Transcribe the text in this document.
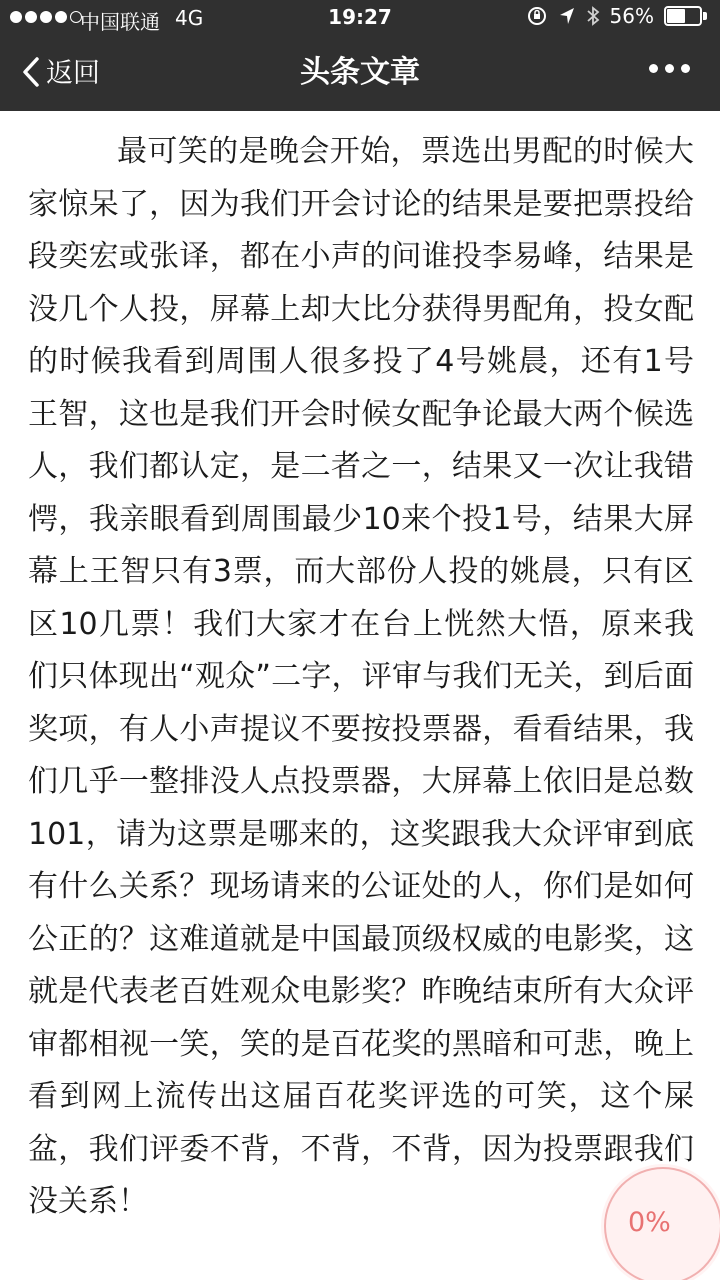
中国联通 4G	19:27	56%
返回	头条文章

最可笑的是晚会开始，票选出男配的时候大家惊呆了，因为我们开会讨论的结果是要把票投给段奕宏或张译，都在小声的问谁投李易峰，结果是没几个人投，屏幕上却大比分获得男配角，投女配的时候我看到周围人很多投了4号姚晨，还有1号王智，这也是我们开会时候女配争论最大两个候选人，我们都认定，是二者之一，结果又一次让我错愕，我亲眼看到周围最少10来个投1号，结果大屏幕上王智只有3票，而大部份人投的姚晨，只有区区10几票！我们大家才在台上恍然大悟，原来我们只体现出“观众”二字，评审与我们无关，到后面奖项，有人小声提议不要按投票器，看看结果，我们几乎一整排没人点投票器，大屏幕上依旧是总数101，请为这票是哪来的，这奖跟我大众评审到底有什么关系？现场请来的公证处的人，你们是如何公正的？这难道就是中国最顶级权威的电影奖，这就是代表老百姓观众电影奖？昨晚结束所有大众评审都相视一笑，笑的是百花奖的黑暗和可悲，晚上看到网上流传出这届百花奖评选的可笑，这个屎盆，我们评委不背，不背，不背，因为投票跟我们没关系！

0%
